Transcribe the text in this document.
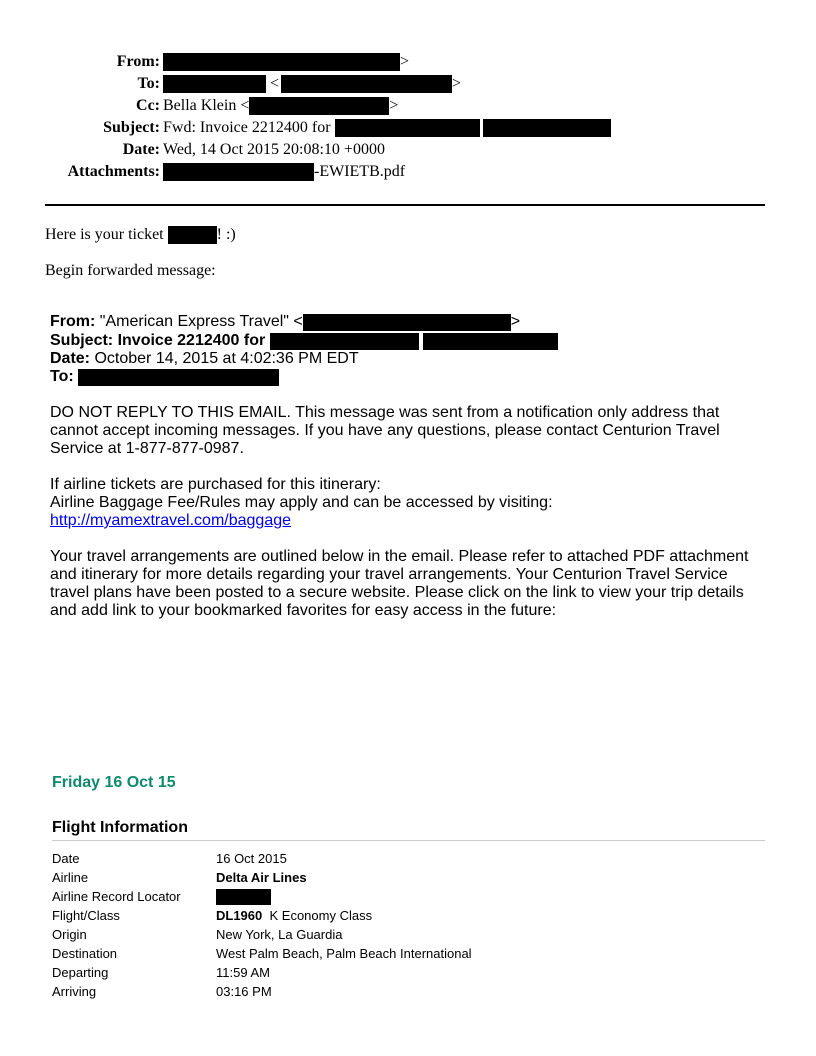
From:	>
To:
	<	>
Cc: Bella Klein <	>
Subject: Fwd: Invoice 2212400 for

Date: Wed, 14 Oct 2015 20:08:10 +0000
Attachments:	-EWIETB.pdf
Here is your ticket
	! :)
Begin forwarded message:
From:
"American Express Travel" <	>
Subject:
Invoice 2212400 for

Date:
October 14, 2015 at 4:02:36 PM EDT
To:

DO NOT REPLY TO THIS EMAIL. This message was sent from a notification only address that cannot accept incoming messages. If you have any questions, please contact Centurion Travel Service at 1-877-877-0987.

If airline tickets are purchased for this itinerary:

Airline Baggage Fee/Rules may apply and can be accessed by visiting:

http://myamextravel.com/baggage

Your travel arrangements are outlined below in the email. Please refer to attached PDF attachment and itinerary for more details regarding your travel arrangements. Your Centurion Travel Service travel plans have been posted to a secure website. Please click on the link to view your trip details and add link to your bookmarked favorites for easy access in the future:

Friday 16 Oct 15
Flight Information
Date	16 Oct 2015
Airline	Delta Air Lines
Airline Record Locator
Flight/Class	DL1960
K Economy Class
Origin	New York, La Guardia
Destination	West Palm Beach, Palm Beach International
Departing	11:59 AM
Arriving	03:16 PM
